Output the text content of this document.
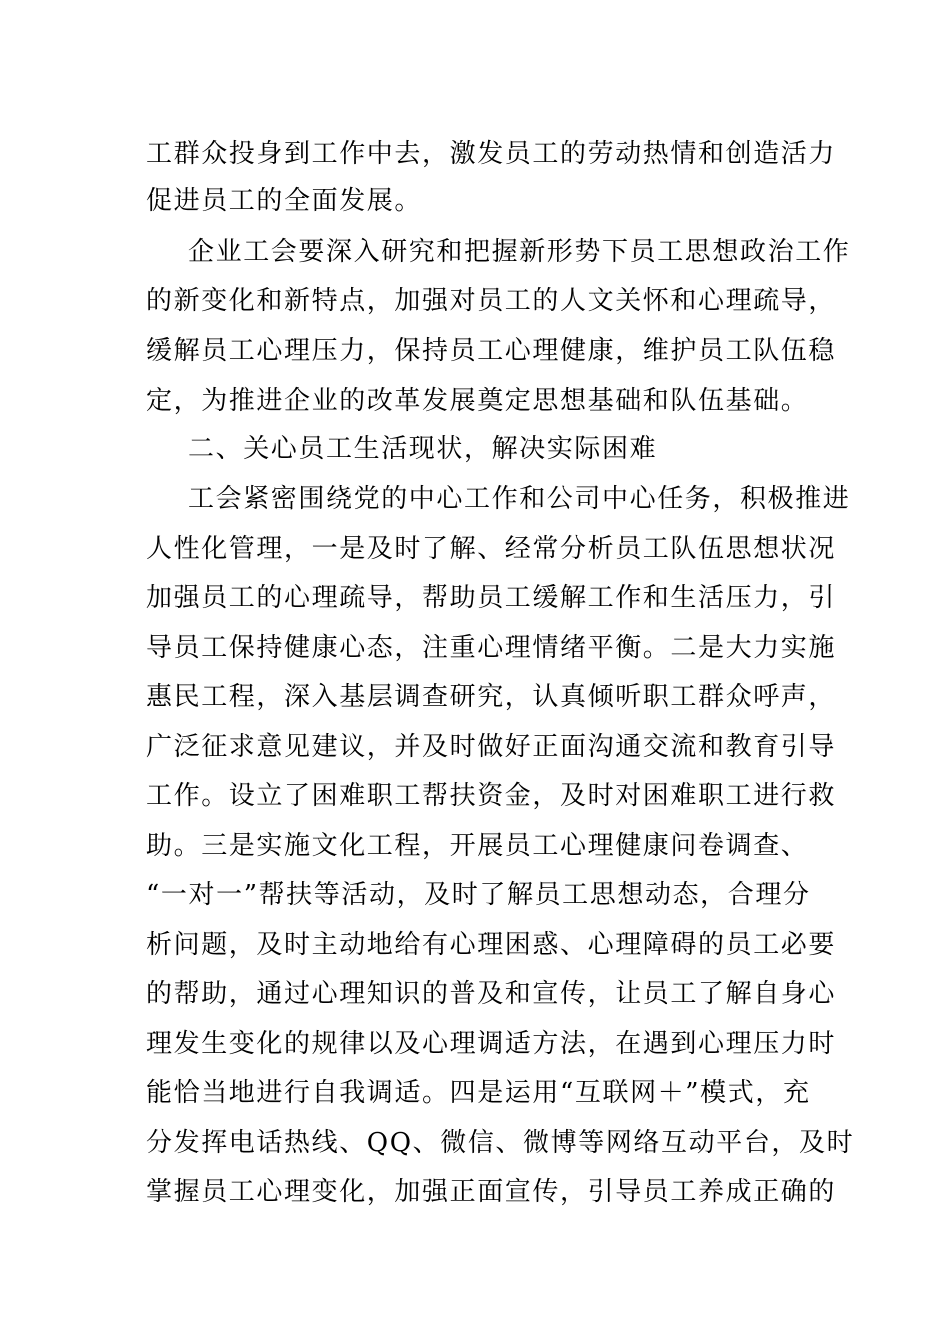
工群众投身到工作中去，激发员工的劳动热情和创造活力
促进员工的全面发展。
企业工会要深入研究和把握新形势下员工思想政治工作
的新变化和新特点，加强对员工的人文关怀和心理疏导，
缓解员工心理压力，保持员工心理健康，维护员工队伍稳
定，为推进企业的改革发展奠定思想基础和队伍基础。
二、关心员工生活现状，解决实际困难
工会紧密围绕党的中心工作和公司中心任务，积极推进
人性化管理，一是及时了解、经常分析员工队伍思想状况
加强员工的心理疏导，帮助员工缓解工作和生活压力，引
导员工保持健康心态，注重心理情绪平衡。二是大力实施
惠民工程，深入基层调查研究，认真倾听职工群众呼声，
广泛征求意见建议，并及时做好正面沟通交流和教育引导
工作。设立了困难职工帮扶资金，及时对困难职工进行救
助。三是实施文化工程，开展员工心理健康问卷调查、
“一对一”帮扶等活动，及时了解员工思想动态，合理分
析问题，及时主动地给有心理困惑、心理障碍的员工必要
的帮助，通过心理知识的普及和宣传，让员工了解自身心
理发生变化的规律以及心理调适方法，在遇到心理压力时
能恰当地进行自我调适。四是运用“互联网＋”模式，充
分发挥电话热线、QQ、微信、微博等网络互动平台，及时
掌握员工心理变化，加强正面宣传，引导员工养成正确的
